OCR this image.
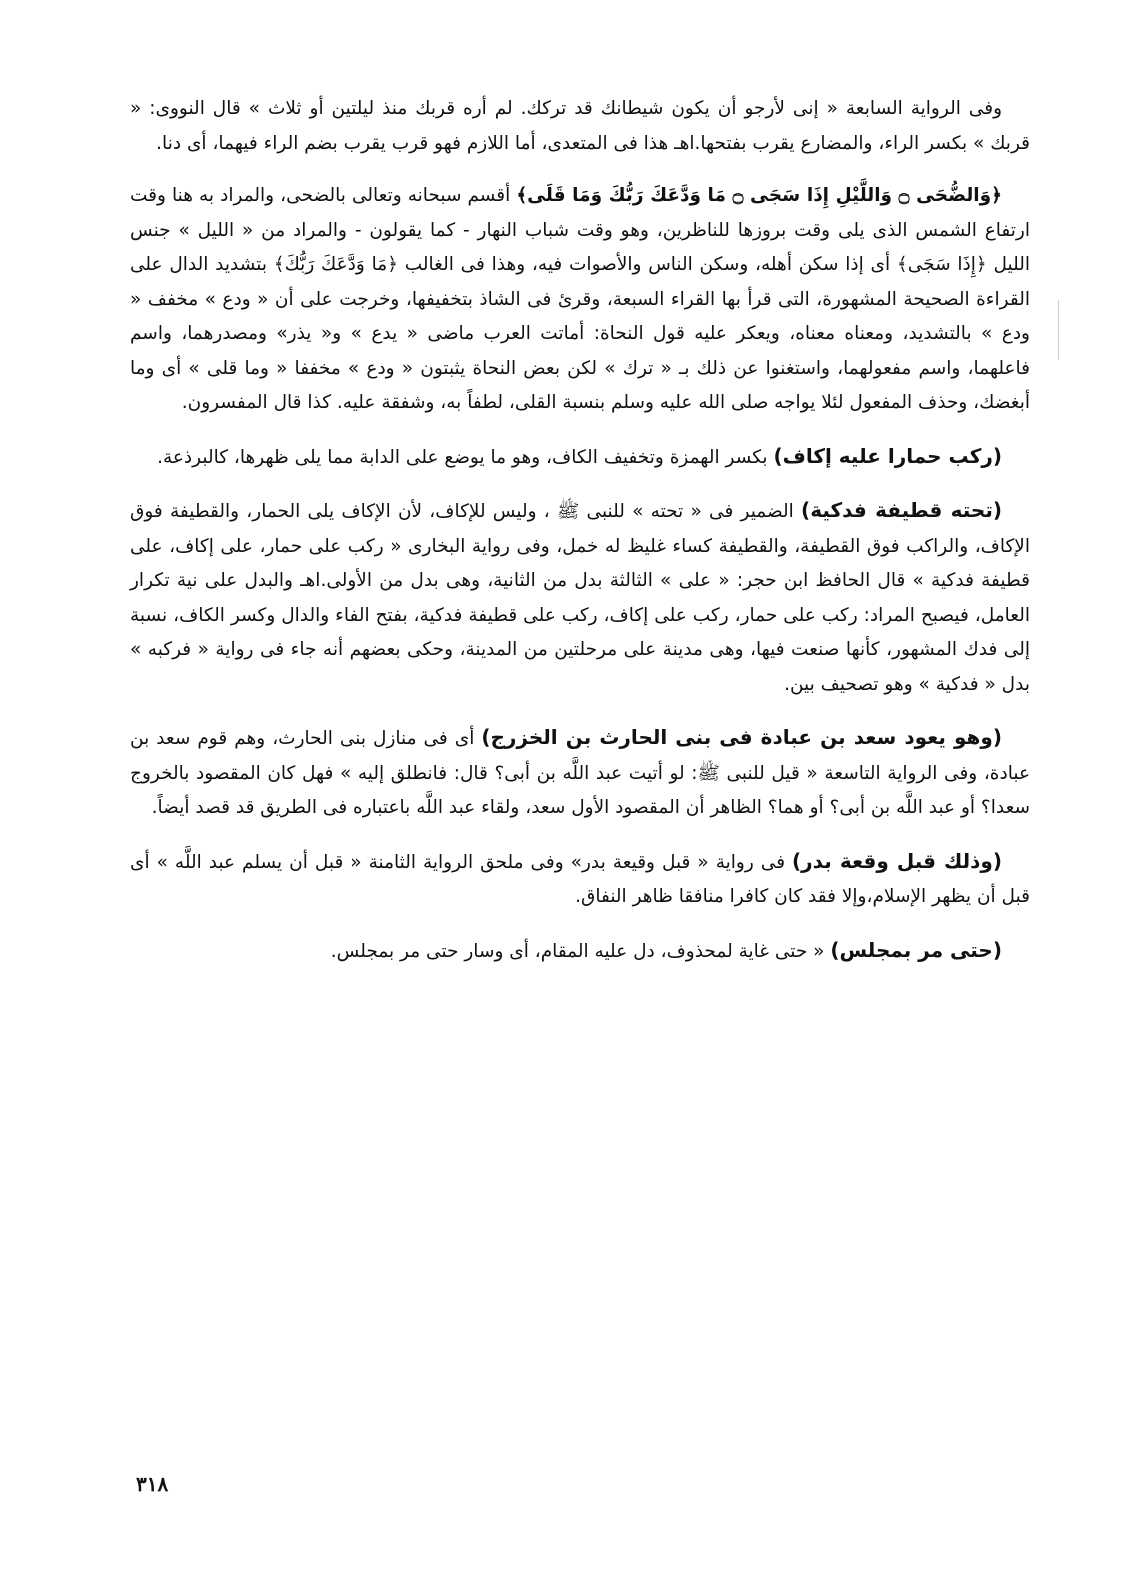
وفى الرواية السابعة « إنى لأرجو أن يكون شيطانك قد تركك. لم أره قربك منذ ليلتين أو ثلاث » قال النووى: « قربك » بكسر الراء، والمضارع يقرب بفتحها.اهـ هذا فى المتعدى، أما اللازم فهو قرب يقرب بضم الراء فيهما، أى دنا.

﴿وَالضُّحَى ۝ وَاللَّيْلِ إِذَا سَجَى ۝ مَا وَدَّعَكَ رَبُّكَ وَمَا قَلَى﴾ أقسم سبحانه وتعالى بالضحى، والمراد به هنا وقت ارتفاع الشمس الذى يلى وقت بروزها للناظرين، وهو وقت شباب النهار - كما يقولون - والمراد من « الليل » جنس الليل ﴿إِذَا سَجَى﴾ أى إذا سكن أهله، وسكن الناس والأصوات فيه، وهذا فى الغالب ﴿مَا وَدَّعَكَ رَبُّكَ﴾ بتشديد الدال على القراءة الصحيحة المشهورة، التى قرأ بها القراء السبعة، وقرئ فى الشاذ بتخفيفها، وخرجت على أن « ودع » مخفف « ودع » بالتشديد، ومعناه معناه، ويعكر عليه قول النحاة: أماتت العرب ماضى « يدع » و« يذر» ومصدرهما، واسم فاعلهما، واسم مفعولهما، واستغنوا عن ذلك بـ « ترك » لكن بعض النحاة يثبتون « ودع » مخففا « وما قلى » أى وما أبغضك، وحذف المفعول لئلا يواجه صلى الله عليه وسلم بنسبة القلى، لطفاً به، وشفقة عليه. كذا قال المفسرون.

(ركب حمارا عليه إكاف) بكسر الهمزة وتخفيف الكاف، وهو ما يوضع على الدابة مما يلى ظهرها، كالبرذعة.

(تحته قطيفة فدكية) الضمير فى « تحته » للنبى ﷺ ، وليس للإكاف، لأن الإكاف يلى الحمار، والقطيفة فوق الإكاف، والراكب فوق القطيفة، والقطيفة كساء غليظ له خمل، وفى رواية البخارى « ركب على حمار، على إكاف، على قطيفة فدكية » قال الحافظ ابن حجر: « على » الثالثة بدل من الثانية، وهى بدل من الأولى.اهـ والبدل على نية تكرار العامل، فيصبح المراد: ركب على حمار، ركب على إكاف، ركب على قطيفة فدكية، بفتح الفاء والدال وكسر الكاف، نسبة إلى فدك المشهور، كأنها صنعت فيها، وهى مدينة على مرحلتين من المدينة، وحكى بعضهم أنه جاء فى رواية « فركبه » بدل « فدكية » وهو تصحيف بين.

(وهو يعود سعد بن عبادة فى بنى الحارث بن الخزرج) أى فى منازل بنى الحارث، وهم قوم سعد بن عبادة، وفى الرواية التاسعة « قيل للنبى ﷺ: لو أتيت عبد اللَّه بن أبى؟ قال: فانطلق إليه » فهل كان المقصود بالخروج سعدا؟ أو عبد اللَّه بن أبى؟ أو هما؟ الظاهر أن المقصود الأول سعد، ولقاء عبد اللَّه باعتباره فى الطريق قد قصد أيضاً.

(وذلك قبل وقعة بدر) فى رواية « قبل وقيعة بدر» وفى ملحق الرواية الثامنة « قبل أن يسلم عبد اللَّه » أى قبل أن يظهر الإسلام،وإلا فقد كان كافرا منافقا ظاهر النفاق.

(حتى مر بمجلس) « حتى غاية لمحذوف، دل عليه المقام، أى وسار حتى مر بمجلس.

٣١٨
